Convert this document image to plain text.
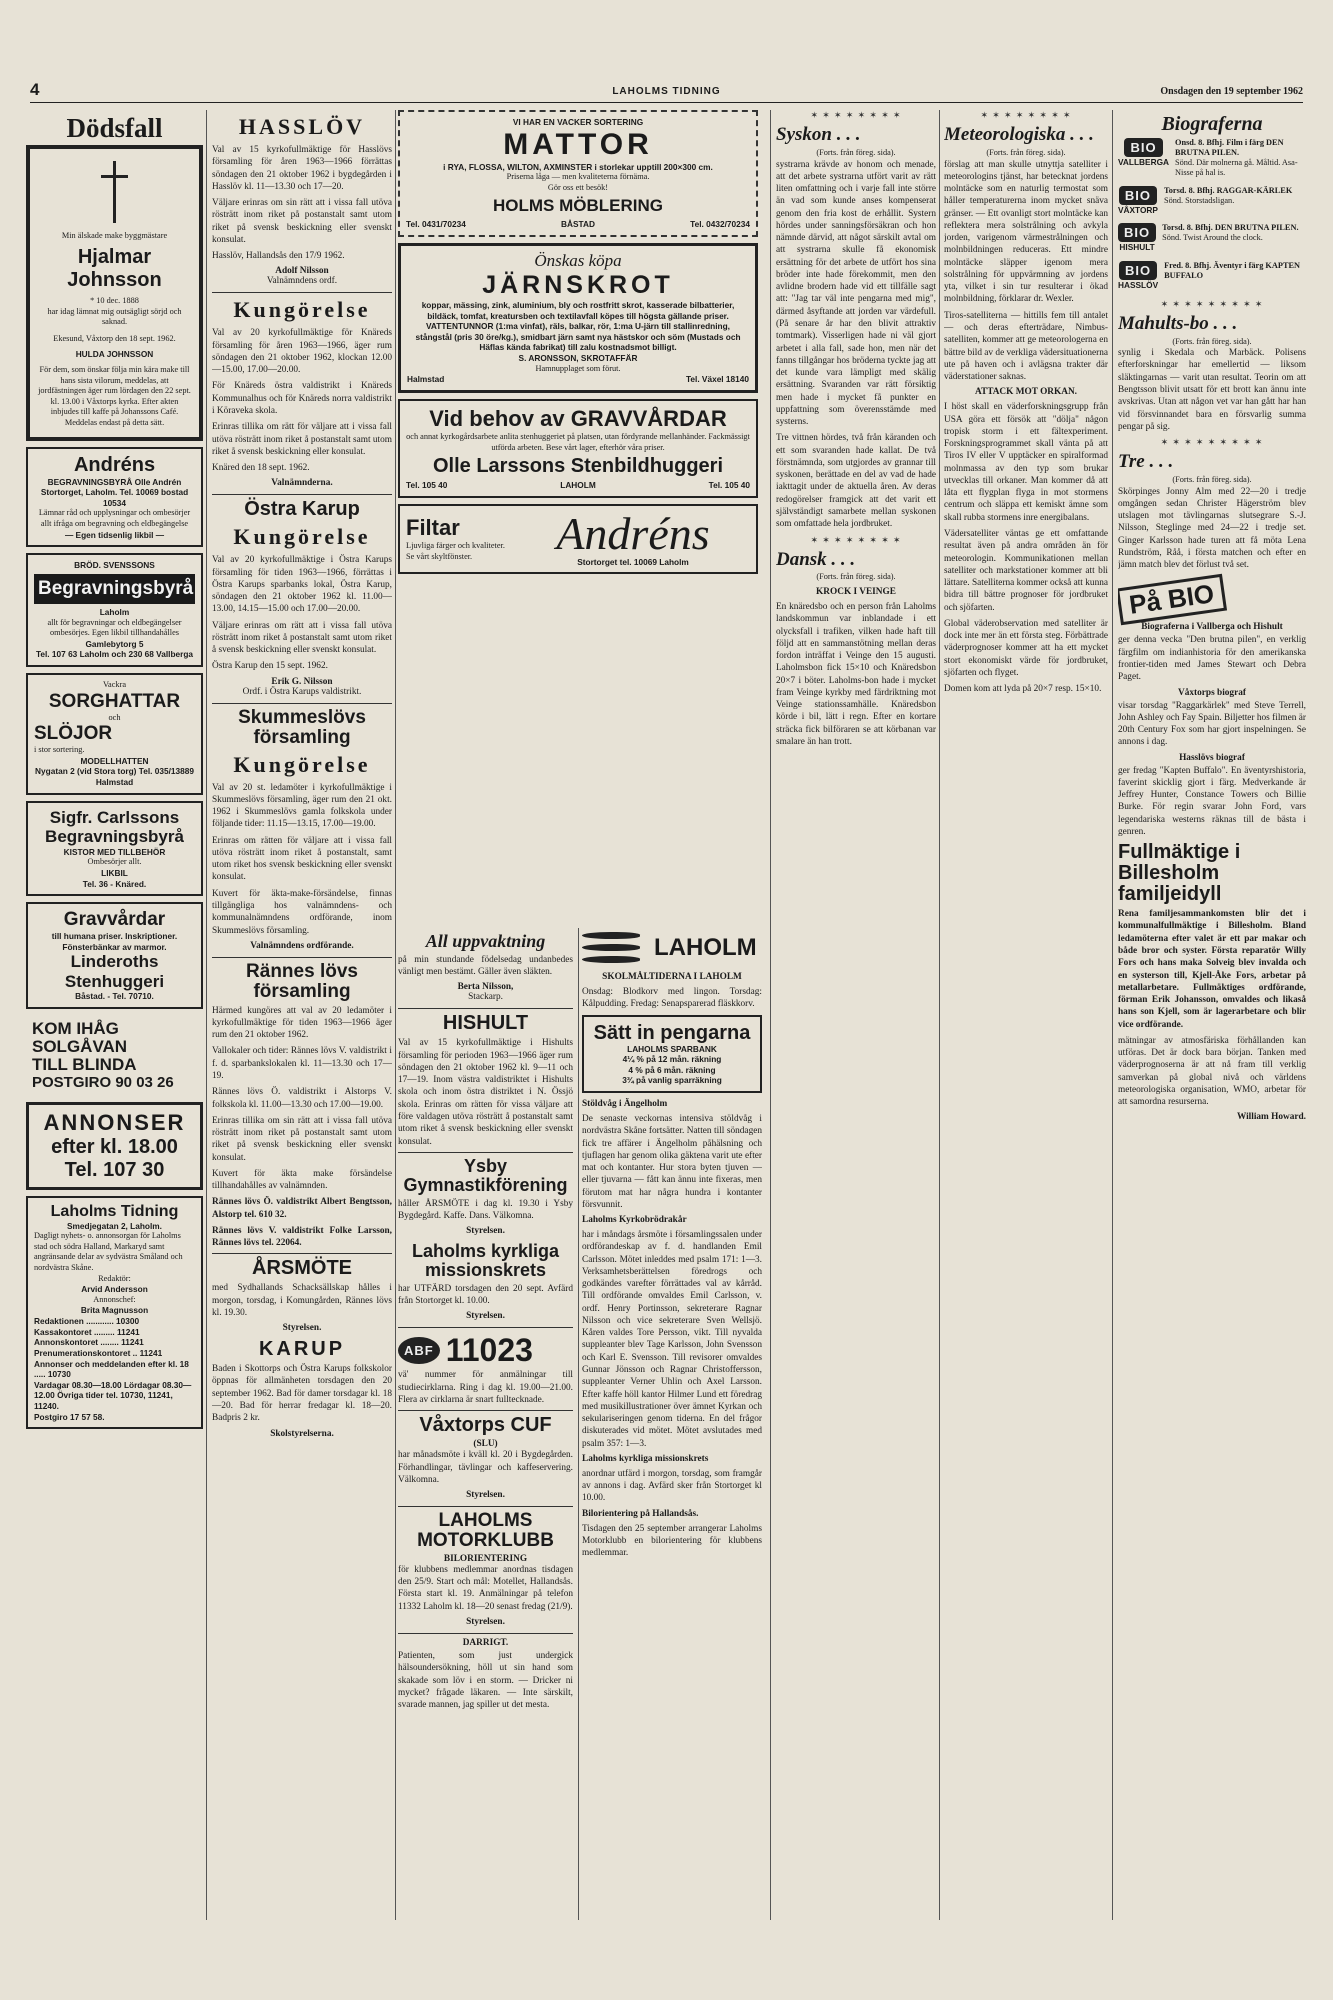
4	LAHOLMS TIDNING	Onsdagen den 19 september 1962
Dödsfall
Min älskade make byggmästare
Hjalmar Johnsson
* 10 dec. 1888
har idag lämnat mig outsägligt sörjd och saknad.
Ekesund, Våxtorp den 18 sept. 1962.
HULDA JOHNSSON
För dem, som önskar följa min kära make till hans sista vilorum, meddelas, att jordfästningen äger rum lördagen den 22 sept. kl. 13.00 i Våxtorps kyrka. Efter akten inbjudes till kaffe på Johanssons Café. Meddelas endast på detta sätt.
Andréns
BEGRAVNINGSBYRÅ Olle Andrén
Stortorget, Laholm. Tel. 10069 bostad 10534
Lämnar råd och upplysningar och ombesörjer allt ifråga om begravning och eldbegängelse
— Egen tidsenlig likbil —
BRÖD. SVENSSONS
Begravningsbyrå
Laholm
allt för begravningar och eldbegängelser ombesörjes. Egen likbil tillhandahålles
Gamlebytorg 5
Tel. 107 63 Laholm och 230 68 Vallberga
Vackra
SORGHATTAR
och
SLÖJOR
i stor sortering.
MODELLHATTEN
Nygatan 2 (vid Stora torg) Tel. 035/13889 Halmstad
Sigfr. Carlssons Begravningsbyrå
KISTOR MED TILLBEHÖR
Ombesörjer allt.
LIKBIL
Tel. 36 - Knäred.
Gravvårdar
till humana priser. Inskriptioner. Fönsterbänkar av marmor.
Linderoths Stenhuggeri
Båstad. - Tel. 70710.
KOM IHÅG
SOLGÅVAN
TILL BLINDA
POSTGIRO 90 03 26
ANNONSER
efter kl. 18.00
Tel. 107 30
Laholms Tidning
Smedjegatan 2, Laholm.
Dagligt nyhets- o. annonsorgan för Laholms stad och södra Halland, Markaryd samt angränsande delar av sydvästra Småland och nordvästra Skåne.
Redaktör:
Arvid Andersson
Annonschef:
Brita Magnusson
Redaktionen ............ 10300
Kassakontoret ......... 11241
Annonskontoret ........ 11241
Prenumerationskontoret .. 11241
Annonser och meddelanden efter kl. 18 ..... 10730
Vardagar 08.30—18.00 Lördagar 08.30—12.00 Övriga tider tel. 10730, 11241, 11240.
Postgiro 17 57 58.
HASSLÖV

Val av 15 kyrkofullmäktige för Hasslövs församling för åren 1963—1966 förrättas söndagen den 21 oktober 1962 i bygdegården i Hasslöv kl. 11—13.30 och 17—20.

Väljare erinras om sin rätt att i vissa fall utöva rösträtt inom riket på postanstalt samt utom riket på svensk beskickning eller svenskt konsulat.

Hasslöv, Hallandsås den 17/9 1962.

Adolf Nilsson
Valnämndens ordf.
Kungörelse

Val av 20 kyrkofullmäktige för Knäreds församling för åren 1963—1966, äger rum söndagen den 21 oktober 1962, klockan 12.00—15.00, 17.00—20.00.

För Knäreds östra valdistrikt i Knäreds Kommunalhus och för Knäreds norra valdistrikt i Köraveka skola.

Erinras tillika om rätt för väljare att i vissa fall utöva rösträtt inom riket å postanstalt samt utom riket å svensk beskickning eller konsulat.

Knäred den 18 sept. 1962.

Valnämnderna.
Östra Karup
Kungörelse

Val av 20 kyrkofullmäktige i Östra Karups församling för tiden 1963—1966, förrättas i Östra Karups sparbanks lokal, Östra Karup, söndagen den 21 oktober 1962 kl. 11.00—13.00, 14.15—15.00 och 17.00—20.00.

Väljare erinras om rätt att i vissa fall utöva rösträtt inom riket å postanstalt samt utom riket å svensk beskickning eller svenskt konsulat.

Östra Karup den 15 sept. 1962.

Erik G. Nilsson
Ordf. i Östra Karups valdistrikt.
Skummeslövs församling
Kungörelse

Val av 20 st. ledamöter i kyrkofullmäktige i Skummeslövs församling, äger rum den 21 okt. 1962 i Skummeslövs gamla folkskola under följande tider: 11.15—13.15, 17.00—19.00.

Erinras om rätten för väljare att i vissa fall utöva rösträtt inom riket å postanstalt, samt utom riket hos svensk beskickning eller svenskt konsulat.

Kuvert för äkta-make-försändelse, finnas tillgängliga hos valnämndens- och kommunalnämndens ordförande, inom Skummeslövs församling.

Valnämndens ordförande.
Rännes lövs församling

Härmed kungöres att val av 20 ledamöter i kyrkofullmäktige för tiden 1963—1966 äger rum den 21 oktober 1962.

Vallokaler och tider: Rännes lövs V. valdistrikt i f. d. sparbankslokalen kl. 11—13.30 och 17—19.

Rännes lövs Ö. valdistrikt i Alstorps V. folkskola kl. 11.00—13.30 och 17.00—19.00.

Erinras tillika om sin rätt att i vissa fall utöva rösträtt inom riket på postanstalt samt utom riket på svensk beskickning eller svenskt konsulat.

Kuvert för äkta make försändelse tillhandahålles av valnämnden.

Rännes lövs Ö. valdistrikt Albert Bengtsson, Alstorp tel. 610 32.

Rännes lövs V. valdistrikt Folke Larsson, Rännes lövs tel. 22064.

ÅRSMÖTE

med Sydhallands Schacksällskap hålles i morgon, torsdag, i Komungården, Rännes lövs kl. 19.30.

Styrelsen.
KARUP

Baden i Skottorps och Östra Karups folkskolor öppnas för allmänheten torsdagen den 20 september 1962. Bad för damer torsdagar kl. 18—20. Bad för herrar fredagar kl. 18—20. Badpris 2 kr.

Skolstyrelserna.
VI HAR EN VACKER SORTERING
MATTOR
i RYA, FLOSSA, WILTON, AXMINSTER i storlekar upptill 200×300 cm.
Priserna låga — men kvaliteterna förnäma.
Gör oss ett besök!
HOLMS MÖBLERING
Tel. 0431/70234	BÅSTAD	Tel. 0432/70234
Önskas köpa
JÄRNSKROT
koppar, mässing, zink, aluminium, bly och rostfritt skrot, kasserade bilbatterier, bildäck, tomfat, kreatursben och textilavfall köpes till högsta gällande priser.
VATTENTUNNOR (1:ma vinfat), räls, balkar, rör, 1:ma U-järn till stallinredning, stångstål (pris 30 öre/kg.), smidbart järn samt nya hästskor och söm (Mustads och Häflas kända fabrikat) till zalu kostnadsmot billigt.
S. ARONSSON, SKROTAFFÄR
Hamnupplaget som förut.
Halmstad	Tel. Växel 18140
Vid behov av GRAVVÅRDAR
och annat kyrkogårdsarbete anlita stenhuggeriet på platsen, utan fördyrande mellanhänder. Fackmässigt utförda arbeten. Bese vårt lager, efterhör våra priser.
Olle Larssons Stenbildhuggeri
Tel. 105 40	LAHOLM	Tel. 105 40
Filtar
Ljuvliga färger och kvaliteter. Se vårt skyltfönster.	Andréns
Stortorget tel. 10069 Laholm
All uppvaktning

på min stundande födelsedag undanbedes vänligt men bestämt. Gäller även släkten.

Berta Nilsson,
Stackarp.
HISHULT

Val av 15 kyrkofullmäktige i Hishults församling för perioden 1963—1966 äger rum söndagen den 21 oktober 1962 kl. 9—11 och 17—19. Inom västra valdistriktet i Hishults skola och inom östra distriktet i N. Össjö skola. Erinras om rätten för vissa väljare att före valdagen utöva rösträtt å postanstalt samt utom riket å svensk beskickning eller svenskt konsulat.

Ysby Gymnastikförening

håller ÅRSMÖTE i dag kl. 19.30 i Ysby Bygdegård. Kaffe. Dans. Välkomna.

Styrelsen.
Laholms kyrkliga missionskrets

har UTFÄRD torsdagen den 20 sept. Avfärd från Stortorget kl. 10.00.

Styrelsen.
ABF 11023

vä' nummer för anmälningar till studiecirklarna. Ring i dag kl. 19.00—21.00. Flera av cirklarna är snart fulltecknade.

Våxtorps CUF
(SLU)

har månadsmöte i kväll kl. 20 i Bygdegården. Förhandlingar, tävlingar och kaffeservering. Välkomna.

Styrelsen.
LAHOLMS MOTORKLUBB
BILORIENTERING

för klubbens medlemmar anordnas tisdagen den 25/9. Start och mål: Motellet, Hallandsås. Första start kl. 19. Anmälningar på telefon 11332 Laholm kl. 18—20 senast fredag (21/9).

Styrelsen.
DARRIGT.

Patienten, som just undergick hälsoundersökning, höll ut sin hand som skakade som löv i en storm. — Dricker ni mycket? frågade läkaren. — Inte särskilt, svarade mannen, jag spiller ut det mesta.

LAHOLM
SKOLMÅLTIDERNA I LAHOLM

Onsdag: Blodkorv med lingon. Torsdag: Kålpudding. Fredag: Senapsparerad fläskkorv.

Sätt in pengarna
LAHOLMS SPARBANK
4¼ % på 12 mån. räkning
4 % på 6 mån. räkning
3¾ på vanlig sparräkning
Stöldvåg i Ängelholm

De senaste veckornas intensiva stöldvåg i nordvästra Skåne fortsätter. Natten till söndagen fick tre affärer i Ängelholm påhälsning och tjuflagen har genom olika gäktena varit ute efter mat och kontanter. Hur stora byten tjuven — eller tjuvarna — fått kan ännu inte fixeras, men förutom mat har några hundra i kontanter försvunnit.

Laholms Kyrkobrödrakår

har i måndags årsmöte i församlingssalen under ordförandeskap av f. d. handlanden Emil Carlsson. Mötet inleddes med psalm 171: 1—3. Verksamhetsberättelsen föredrogs och godkändes varefter förrättades val av kårråd. Till ordförande omvaldes Emil Carlsson, v. ordf. Henry Portinsson, sekreterare Ragnar Nilsson och vice sekreterare Sven Wellsjö. Kåren valdes Tore Persson, vikt. Till nyvalda suppleanter blev Tage Karlsson, John Svensson och Karl E. Svensson. Till revisorer omvaldes Gunnar Jönsson och Ragnar Christoffersson, suppleanter Verner Uhlin och Axel Larsson. Efter kaffe höll kantor Hilmer Lund ett föredrag med musikillustrationer över ämnet Kyrkan och sekulariseringen genom tiderna. En del frågor diskuterades vid mötet. Mötet avslutades med psalm 357: 1—3.

Laholms kyrkliga missionskrets

anordnar utfärd i morgon, torsdag, som framgår av annons i dag. Avfärd sker från Stortorget kl 10.00.

Bilorientering på Hallandsås.

Tisdagen den 25 september arrangerar Laholms Motorklubb en bilorientering för klubbens medlemmar.

✶ ✶ ✶ ✶ ✶ ✶ ✶ ✶
Syskon . . .
(Forts. från föreg. sida).

systrarna krävde av honom och menade, att det arbete systrarna utfört varit av rätt liten omfattning och i varje fall inte större än vad som kunde anses kompenserat genom den fria kost de erhållit. Systern hördes under sanningsförsäkran och hon nämnde därvid, att något särskilt avtal om att systrarna skulle få ekonomisk ersättning för det arbete de utfört hos sina bröder inte hade förekommit, men den avlidne brodern hade vid ett tillfälle sagt att: "Jag tar väl inte pengarna med mig", därmed åsyftande att jorden var värdefull. (På senare år har den blivit attraktiv tomtmark). Visserligen hade ni väl gjort arbetet i alla fall, sade hon, men när det fanns tillgångar hos bröderna tyckte jag att det kunde vara lämpligt med skälig ersättning. Svaranden var rätt försiktig men hade i mycket få punkter en uppfattning som överensstämde med systerns.

Tre vittnen hördes, två från käranden och ett som svaranden hade kallat. De två förstnämnda, som utgjordes av grannar till syskonen, berättade en del av vad de hade iakttagit under de aktuella åren. Av deras redogörelser framgick att det varit ett självständigt samarbete mellan syskonen som omfattade hela jordbruket.

✶ ✶ ✶ ✶ ✶ ✶ ✶ ✶
Dansk . . .
(Forts. från föreg. sida).
KROCK I VEINGE

En knäredsbo och en person från Laholms landskommun var inblandade i ett olycksfall i trafiken, vilken hade haft till följd att en sammanstötning mellan deras fordon inträffat i Veinge den 15 augusti. Laholmsbon fick 15×10 och Knäredsbon 20×7 i böter. Laholms-bon hade i mycket fram Veinge kyrkby med färdriktning mot Veinge stationssamhälle. Knäredsbon körde i bil, lätt i regn. Efter en kortare sträcka fick bilföraren se att körbanan var smalare än han trott.

✶ ✶ ✶ ✶ ✶ ✶ ✶ ✶
Meteorologiska . . .
(Forts. från föreg. sida).

förslag att man skulle utnyttja satelliter i meteorologins tjänst, har betecknat jordens molntäcke som en naturlig termostat som håller temperaturerna inom mycket snäva gränser. — Ett ovanligt stort molntäcke kan reflektera mera solstrålning och avkyla jorden, varigenom värmestrålningen och molnbildningen reduceras. Ett mindre molntäcke släpper igenom mera solstrålning för uppvärmning av jordens yta, vilket i sin tur resulterar i ökad molnbildning, förklarar dr. Wexler.

Tiros-satelliterna — hittills fem till antalet — och deras efterträdare, Nimbus-satelliten, kommer att ge meteorologerna en bättre bild av de verkliga vädersituationerna ute på haven och i avlägsna trakter där väderstationer saknas.

ATTACK MOT ORKAN.

I höst skall en väderforskningsgrupp från USA göra ett försök att "dölja" någon tropisk storm i ett fältexperiment. Forskningsprogrammet skall vänta på att Tiros IV eller V upptäcker en spiralformad molnmassa av den typ som brukar utvecklas till orkaner. Man kommer då att låta ett flygplan flyga in mot stormens centrum och släppa ett kemiskt ämne som skall rubba stormens inre energibalans.

Vädersatelliter väntas ge ett omfattande resultat även på andra områden än för meteorologin. Kommunikationen mellan satelliter och markstationer kommer att bli lättare. Satelliterna kommer också att kunna bidra till bättre prognoser för jordbruket och sjöfarten.

Global väderobservation med satelliter är dock inte mer än ett första steg. Förbättrade väderprognoser kommer att ha ett mycket stort ekonomiskt värde för jordbruket, sjöfarten och flyget.

Domen kom att lyda på 20×7 resp. 15×10.

Biograferna
BIO
VALLBERGA
Onsd. 8. Bfhj. Film i färg DEN BRUTNA PILEN.
Sönd. Där molnerna gå. Måltid. Asa-Nisse på hal is.
BIO
VÅXTORP
Torsd. 8. Bfhj. RAGGAR-KÄRLEK
Sönd. Storstadsligan.
BIO
HISHULT
Torsd. 8. Bfhj. DEN BRUTNA PILEN.
Sönd. Twist Around the clock.
BIO
HASSLÖV
Fred. 8. Bfhj. Äventyr i färg KAPTEN BUFFALO
✶ ✶ ✶ ✶ ✶ ✶ ✶ ✶ ✶
Mahults-bo . . .
(Forts. från föreg. sida).

synlig i Skedala och Marbäck. Polisens efterforskningar har emellertid — liksom släktingarnas — varit utan resultat. Teorin om att Bengtsson blivit utsatt för ett brott kan ännu inte avskrivas. Utan att någon vet var han gått har han vid försvinnandet bara en försvarlig summa pengar på sig.

✶ ✶ ✶ ✶ ✶ ✶ ✶ ✶ ✶
Tre . . .
(Forts. från föreg. sida).

Skörpinges Jonny Alm med 22—20 i tredje omgången sedan Christer Hägerström blev utslagen mot tävlingarnas slutsegrare S.-J. Nilsson, Steglinge med 24—22 i tredje set. Ginger Karlsson hade turen att få möta Lena Rundström, Råå, i första matchen och efter en jämn match blev det förlust två set.

På BIO
Biograferna i Vallberga och Hishult

ger denna vecka "Den brutna pilen", en verklig färgfilm om indianhistoria för den amerikanska frontier-tiden med James Stewart och Debra Paget.

Våxtorps biograf

visar torsdag "Raggarkärlek" med Steve Terrell, John Ashley och Fay Spain. Biljetter hos filmen är 20th Century Fox som har gjort inspelningen. Se annons i dag.

Hasslövs biograf

ger fredag "Kapten Buffalo". En äventyrshistoria, faverint skicklig gjort i färg. Medverkande är Jeffrey Hunter, Constance Towers och Billie Burke. För regin svarar John Ford, vars legendariska westerns räknas till de bästa i genren.

Fullmäktige i Billesholm familjeidyll

Rena familjesammankomsten blir det i kommunalfullmäktige i Billesholm. Bland ledamöterna efter valet är ett par makar och både bror och syster. Första reparatör Willy Fors och hans maka Solveig blev invalda och en systerson till, Kjell-Åke Fors, arbetar på metallarbetare. Fullmäktiges ordförande, förman Erik Johansson, omvaldes och likaså hans son Kjell, som är lagerarbetare och blir vice ordförande.

mätningar av atmosfäriska förhållanden kan utföras. Det är dock bara början. Tanken med väderprognoserna är att nå fram till verklig samverkan på global nivå och världens meteorologiska organisation, WMO, arbetar för att samordna resurserna.

William Howard.
